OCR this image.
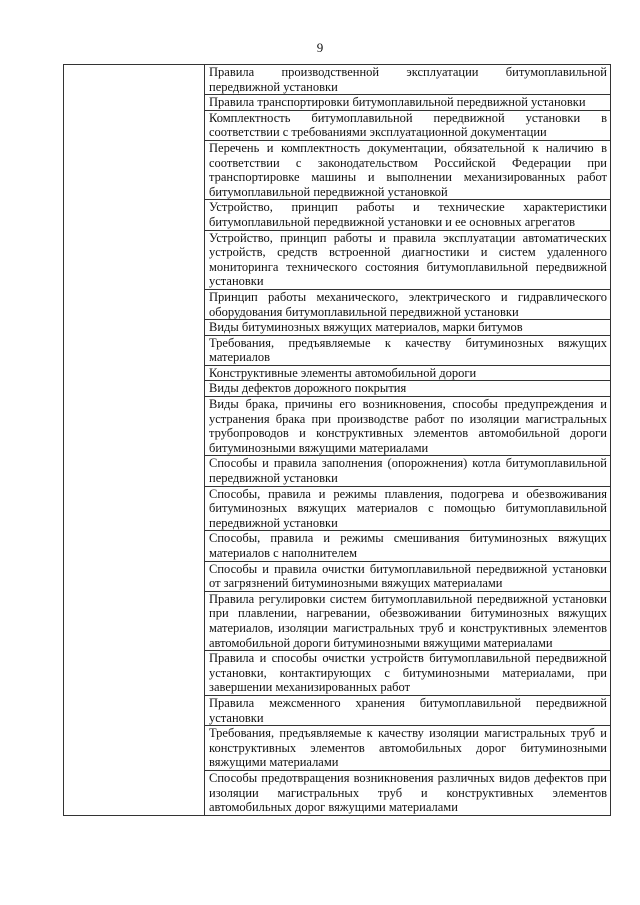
9

Правила производственной эксплуатации битумоплавильной передвижной установки
Правила транспортировки битумоплавильной передвижной установки
Комплектность битумоплавильной передвижной установки в соответствии с требованиями эксплуатационной документации
Перечень и комплектность документации, обязательной к наличию в соответствии с законодательством Российской Федерации при транспортировке машины и выполнении механизированных работ битумоплавильной передвижной установкой
Устройство, принцип работы и технические характеристики битумоплавильной передвижной установки и ее основных агрегатов
Устройство, принцип работы и правила эксплуатации автоматических устройств, средств встроенной диагностики и систем удаленного мониторинга технического состояния битумоплавильной передвижной установки
Принцип работы механического, электрического и гидравлического оборудования битумоплавильной передвижной установки
Виды битуминозных вяжущих материалов, марки битумов
Требования, предъявляемые к качеству битуминозных вяжущих материалов
Конструктивные элементы автомобильной дороги
Виды дефектов дорожного покрытия
Виды брака, причины его возникновения, способы предупреждения и устранения брака при производстве работ по изоляции магистральных трубопроводов и конструктивных элементов автомобильной дороги битуминозными вяжущими материалами
Способы и правила заполнения (опорожнения) котла битумоплавильной передвижной установки
Способы, правила и режимы плавления, подогрева и обезвоживания битуминозных вяжущих материалов с помощью битумоплавильной передвижной установки
Способы, правила и режимы смешивания битуминозных вяжущих материалов с наполнителем
Способы и правила очистки битумоплавильной передвижной установки от загрязнений битуминозными вяжущих материалами
Правила регулировки систем битумоплавильной передвижной установки при плавлении, нагревании, обезвоживании битуминозных вяжущих материалов, изоляции магистральных труб и конструктивных элементов автомобильной дороги битуминозными вяжущими материалами
Правила и способы очистки устройств битумоплавильной передвижной установки, контактирующих с битуминозными материалами, при завершении механизированных работ
Правила межсменного хранения битумоплавильной передвижной установки
Требования, предъявляемые к качеству изоляции магистральных труб и конструктивных элементов автомобильных дорог битуминозными вяжущими материалами
Способы предотвращения возникновения различных видов дефектов при изоляции магистральных труб и конструктивных элементов автомобильных дорог вяжущими материалами
